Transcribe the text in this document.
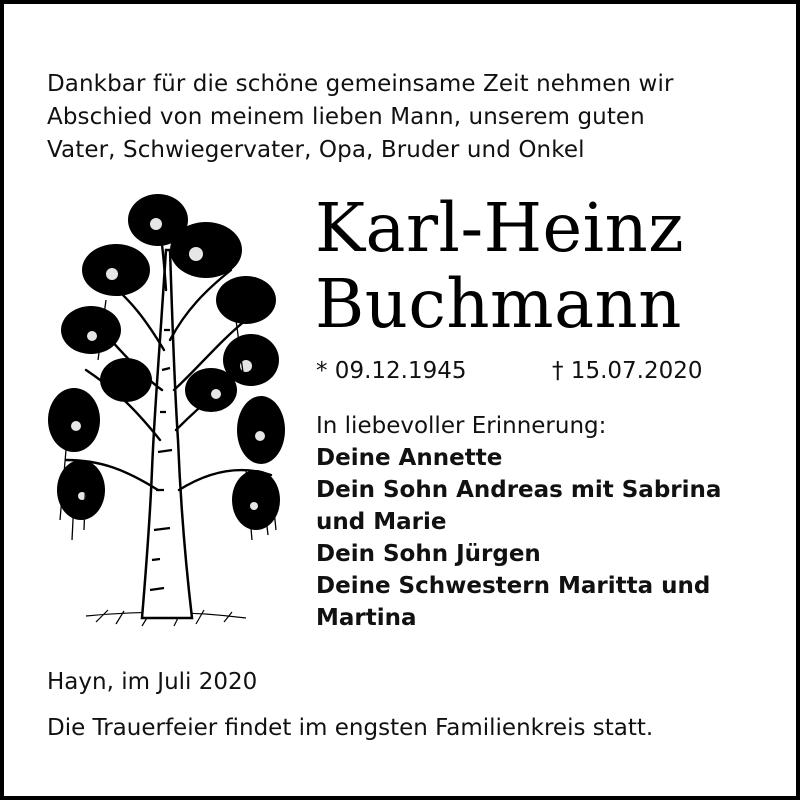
Dankbar für die schöne gemeinsame Zeit nehmen wir
Abschied von meinem lieben Mann, unserem guten
Vater, Schwiegervater, Opa, Bruder und Onkel
Karl-Heinz
Buchmann
* 09.12.1945	† 15.07.2020
In liebevoller Erinnerung:
Deine Annette
Dein Sohn Andreas mit Sabrina
und Marie
Dein Sohn Jürgen
Deine Schwestern Maritta und
Martina
Hayn, im Juli 2020
Die Trauerfeier findet im engsten Familienkreis statt.
